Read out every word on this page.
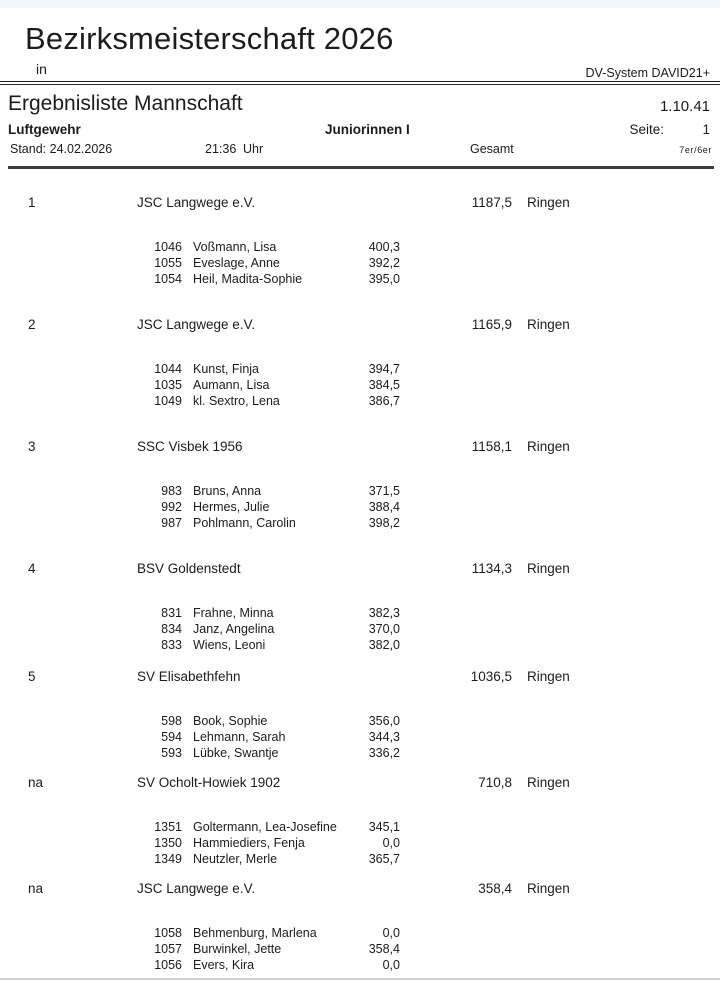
Bezirksmeisterschaft 2026
in	DV-System DAVID21+
Ergebnisliste Mannschaft	1.10.41
Luftgewehr	Juniorinnen I	Seite:	1
Stand: 24.02.2026	21:36 Uhr	Gesamt	7er/6er
1	JSC Langwege e.V.	1187,5 Ringen
1046 Voßmann, Lisa	400,3
1055 Eveslage, Anne	392,2
1054 Heil, Madita-Sophie	395,0
2	JSC Langwege e.V.	1165,9 Ringen
1044 Kunst, Finja	394,7
1035 Aumann, Lisa	384,5
1049 kl. Sextro, Lena	386,7
3	SSC Visbek 1956	1158,1 Ringen
983 Bruns, Anna	371,5
992 Hermes, Julie	388,4
987 Pohlmann, Carolin	398,2
4	BSV Goldenstedt	1134,3 Ringen
831 Frahne, Minna	382,3
834 Janz, Angelina	370,0
833 Wiens, Leoni	382,0
5	SV Elisabethfehn	1036,5 Ringen
598 Book, Sophie	356,0
594 Lehmann, Sarah	344,3
593 Lübke, Swantje	336,2
na	SV Ocholt-Howiek 1902	710,8 Ringen
1351 Goltermann, Lea-Josefine	345,1
1350 Hammiediers, Fenja	0,0
1349 Neutzler, Merle	365,7
na	JSC Langwege e.V.	358,4 Ringen
1058 Behmenburg, Marlena	0,0
1057 Burwinkel, Jette	358,4
1056 Evers, Kira	0,0
